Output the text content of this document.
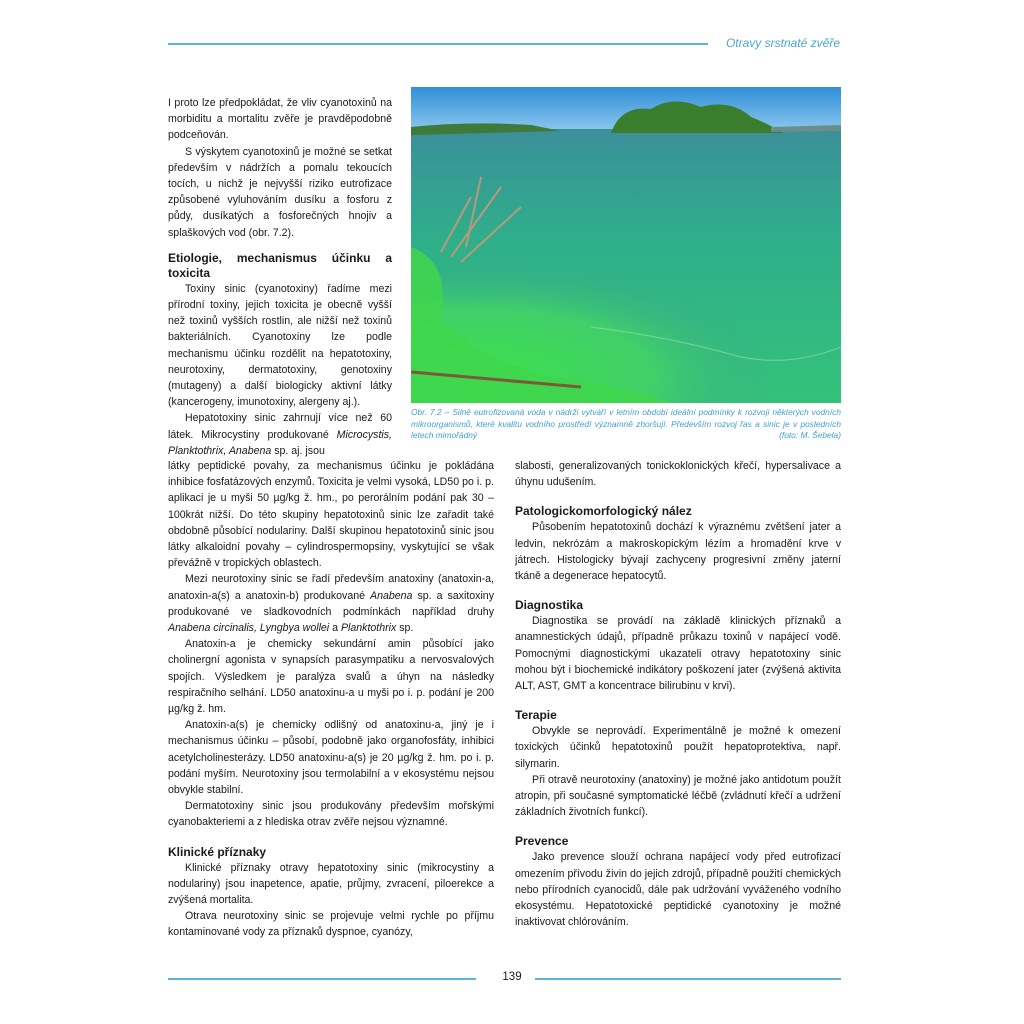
Otravy srstnaté zvěře

I proto lze předpokládat, že vliv cyanotoxinů na morbiditu a mortalitu zvěře je pravděpodobně podceňován.

S výskytem cyanotoxinů je možné se setkat především v nádržích a pomalu tekoucích tocích, u nichž je nejvyšší riziko eutrofizace způsobené vyluhováním dusíku a fosforu z půdy, dusíkatých a fosforečných hnojiv a splaškových vod (obr. 7.2).

Etiologie, mechanismus účinku a toxicita

Toxiny sinic (cyanotoxiny) řadíme mezi přírodní toxiny, jejich toxicita je obecně vyšší než toxinů vyšších rostlin, ale nižší než toxinů bakteriálních. Cyanotoxiny lze podle mechanismu účinku rozdělit na hepatotoxiny, neurotoxiny, dermatotoxiny, genotoxiny (mutageny) a další biologicky aktivní látky (kancerogeny, imunotoxiny, alergeny aj.).

Hepatotoxiny sinic zahrnují více než 60 látek. Mikrocystiny produkované Microcystis, Planktothrix, Anabena sp. aj. jsou

látky peptidické povahy, za mechanismus účinku je pokládána inhibice fosfatázových enzymů. Toxicita je velmi vysoká, LD50 po i. p. aplikaci je u myši 50 µg/kg ž. hm., po perorálním podání pak 30 – 100krát nižší. Do této skupiny hepatotoxinů sinic lze zařadit také obdobně působící nodulariny. Další skupinou hepatotoxinů sinic jsou látky alkaloidní povahy – cylindrospermopsiny, vyskytující se však převážně v tropických oblastech.

Mezi neurotoxiny sinic se řadí především anatoxiny (anatoxin-a, anatoxin-a(s) a anatoxin-b) produkované Anabena sp. a saxitoxiny produkované ve sladkovodních podmínkách například druhy Anabena circinalis, Lyngbya wollei a Planktothrix sp.

Anatoxin-a je chemicky sekundární amin působící jako cholinergní agonista v synapsích parasympatiku a nervosvalových spojích. Výsledkem je paralýza svalů a úhyn na následky respiračního selhání. LD50 anatoxinu-a u myši po i. p. podání je 200 µg/kg ž. hm.

Anatoxin-a(s) je chemicky odlišný od anatoxinu-a, jiný je i mechanismus účinku – působí, podobně jako organofosfáty, inhibici acetylcholinesterázy. LD50 anatoxinu-a(s) je 20 µg/kg ž. hm. po i. p. podání myším. Neurotoxiny jsou termolabilní a v ekosystému nejsou obvykle stabilní.

Dermatotoxiny sinic jsou produkovány především mořskými cyanobakteriemi a z hlediska otrav zvěře nejsou významné.

Klinické příznaky

Klinické příznaky otravy hepatotoxiny sinic (mikrocystiny a nodulariny) jsou inapetence, apatie, průjmy, zvracení, piloerekce a zvýšená mortalita.

Otrava neurotoxiny sinic se projevuje velmi rychle po příjmu kontaminované vody za příznaků dyspnoe, cyanózy,

Obr. 7.2 – Silně eutrofizovaná voda v nádrži vytváří v letním období ideální podmínky k rozvoji některých vodních mikroorganismů, které kvalitu vodního prostředí významně zhoršují. Především rozvoj řas a sinic je v posledních letech mimořádný	(foto: M. Šebela)

slabosti, generalizovaných tonickoklonických křečí, hypersalivace a úhynu udušením.

Patologickomorfologický nález

Působením hepatotoxinů dochází k výraznému zvětšení jater a ledvin, nekrózám a makroskopickým lézím a hromadění krve v játrech. Histologicky bývají zachyceny progresivní změny jaterní tkáně a degenerace hepatocytů.

Diagnostika

Diagnostika se provádí na základě klinických příznaků a anamnestických údajů, případně průkazu toxinů v napájecí vodě. Pomocnými diagnostickými ukazateli otravy hepatotoxiny sinic mohou být i biochemické indikátory poškození jater (zvýšená aktivita ALT, AST, GMT a koncentrace bilirubinu v krvi).

Terapie

Obvykle se neprovádí. Experimentálně je možné k omezení toxických účinků hepatotoxinů použít hepatoprotektiva, např. silymarin.

Při otravě neurotoxiny (anatoxiny) je možné jako antidotum použít atropin, při současné symptomatické léčbě (zvládnutí křečí a udržení základních životních funkcí).

Prevence

Jako prevence slouží ochrana napájecí vody před eutrofizací omezením přívodu živin do jejich zdrojů, případně použití chemických nebo přírodních cyanocidů, dále pak udržování vyváženého vodního ekosystému. Hepatotoxické peptidické cyanotoxiny je možné inaktivovat chlórováním.

139
